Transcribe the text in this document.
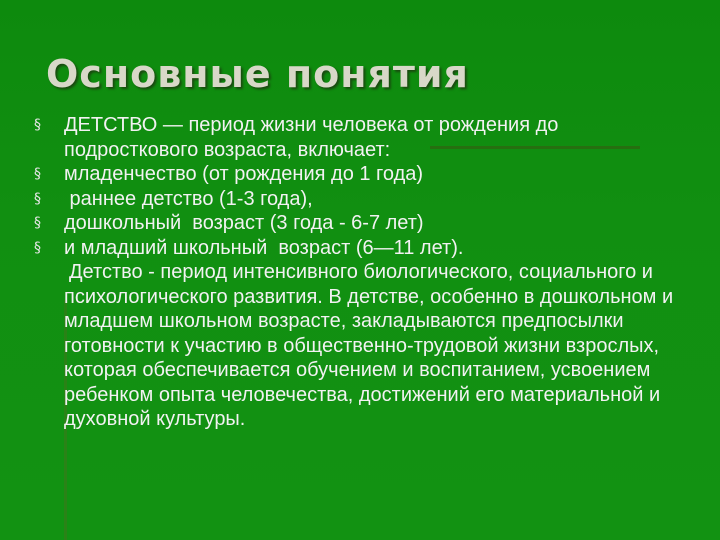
Основные понятия
§	ДЕТСТВО — период жизни человека от рождения до подросткового возраста, включает:
§	младенчество (от рождения до 1 года)
§	раннее детство (1-3 года),
§	дошкольный  возраст (3 года - 6-7 лет)
§	и младший школьный  возраст (6—11 лет).
Детство - период интенсивного биологического, социального и психологического развития. В детстве, особенно в дошкольном и младшем школьном возрасте, закладываются предпосылки готовности к участию в общественно-трудовой жизни взрослых, которая обеспечивается обучением и воспитанием, усвоением ребенком опыта человечества, достижений его материальной и духовной культуры.
